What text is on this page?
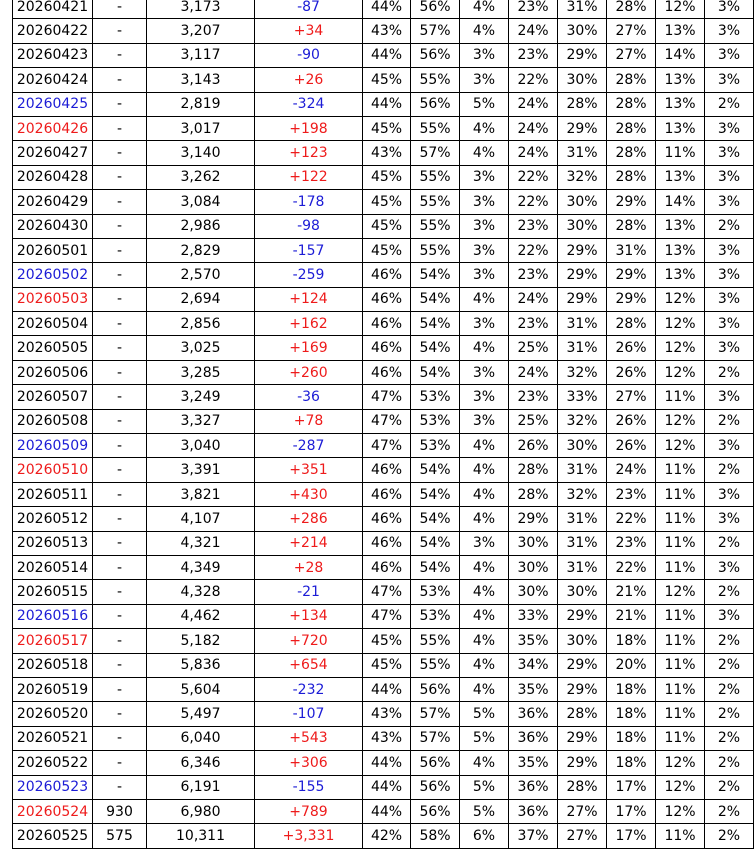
20260421	-	3,173	-87	44%	56%	4%	23%	31%	28%	12%	3%
20260422	-	3,207	+34	43%	57%	4%	24%	30%	27%	13%	3%
20260423	-	3,117	-90	44%	56%	3%	23%	29%	27%	14%	3%
20260424	-	3,143	+26	45%	55%	3%	22%	30%	28%	13%	3%
20260425	-	2,819	-324	44%	56%	5%	24%	28%	28%	13%	2%
20260426	-	3,017	+198	45%	55%	4%	24%	29%	28%	13%	3%
20260427	-	3,140	+123	43%	57%	4%	24%	31%	28%	11%	3%
20260428	-	3,262	+122	45%	55%	3%	22%	32%	28%	13%	3%
20260429	-	3,084	-178	45%	55%	3%	22%	30%	29%	14%	3%
20260430	-	2,986	-98	45%	55%	3%	23%	30%	28%	13%	2%
20260501	-	2,829	-157	45%	55%	3%	22%	29%	31%	13%	3%
20260502	-	2,570	-259	46%	54%	3%	23%	29%	29%	13%	3%
20260503	-	2,694	+124	46%	54%	4%	24%	29%	29%	12%	3%
20260504	-	2,856	+162	46%	54%	3%	23%	31%	28%	12%	3%
20260505	-	3,025	+169	46%	54%	4%	25%	31%	26%	12%	3%
20260506	-	3,285	+260	46%	54%	3%	24%	32%	26%	12%	2%
20260507	-	3,249	-36	47%	53%	3%	23%	33%	27%	11%	3%
20260508	-	3,327	+78	47%	53%	3%	25%	32%	26%	12%	2%
20260509	-	3,040	-287	47%	53%	4%	26%	30%	26%	12%	3%
20260510	-	3,391	+351	46%	54%	4%	28%	31%	24%	11%	2%
20260511	-	3,821	+430	46%	54%	4%	28%	32%	23%	11%	3%
20260512	-	4,107	+286	46%	54%	4%	29%	31%	22%	11%	3%
20260513	-	4,321	+214	46%	54%	3%	30%	31%	23%	11%	2%
20260514	-	4,349	+28	46%	54%	4%	30%	31%	22%	11%	3%
20260515	-	4,328	-21	47%	53%	4%	30%	30%	21%	12%	2%
20260516	-	4,462	+134	47%	53%	4%	33%	29%	21%	11%	3%
20260517	-	5,182	+720	45%	55%	4%	35%	30%	18%	11%	2%
20260518	-	5,836	+654	45%	55%	4%	34%	29%	20%	11%	2%
20260519	-	5,604	-232	44%	56%	4%	35%	29%	18%	11%	2%
20260520	-	5,497	-107	43%	57%	5%	36%	28%	18%	11%	2%
20260521	-	6,040	+543	43%	57%	5%	36%	29%	18%	11%	2%
20260522	-	6,346	+306	44%	56%	4%	35%	29%	18%	12%	2%
20260523	-	6,191	-155	44%	56%	5%	36%	28%	17%	12%	2%
20260524	930	6,980	+789	44%	56%	5%	36%	27%	17%	12%	2%
20260525	575	10,311	+3,331	42%	58%	6%	37%	27%	17%	11%	2%
